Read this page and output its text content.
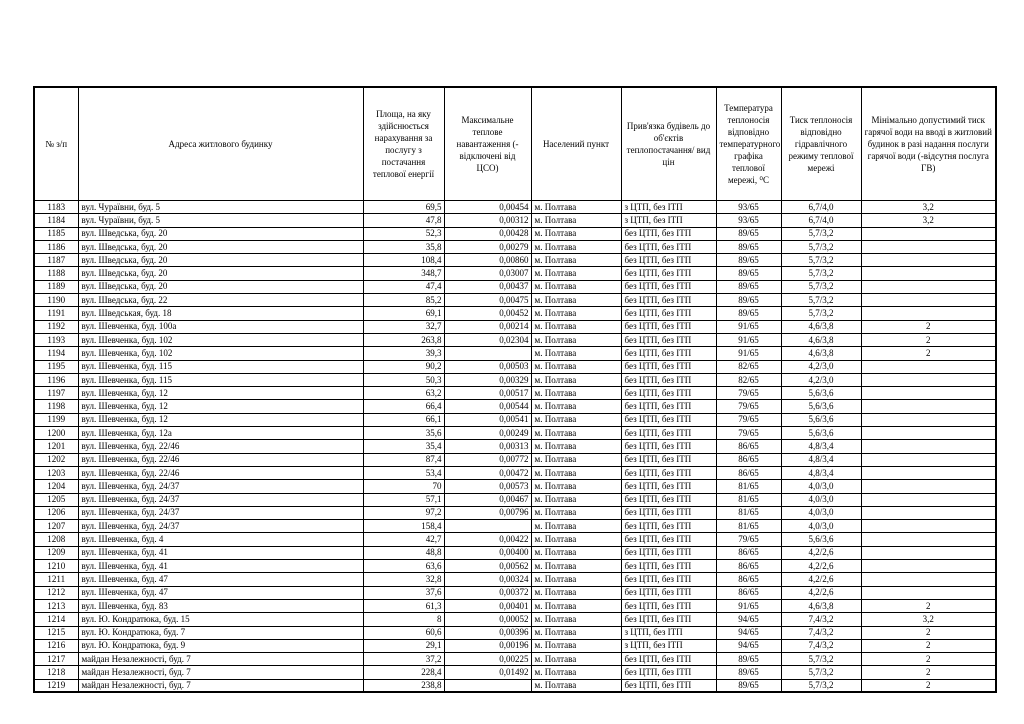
№ з/п	Адреса житлового будинку	Площа, на яку здійснюється нарахування за послугу з постачання теплової енергії	Максимальне теплове навантаження (-відключені від ЦСО)	Населений пункт	Прив'язка будівель до об'єктів теплопостачання/ вид цін	Температура теплоносія відповідно температурного графіка теплової мережі, ⁰С	Тиск теплоносія відповідно гідравлічного режиму теплової мережі	Мінімально допустимий тиск гарячої води на вводі в житловий будинок в разі надання послуги гарячої води (-відсутня послуга ГВ)
1183	вул. Чураївни, буд. 5	69,5	0,00454	м. Полтава	з ЦТП, без ІТП	93/65	6,7/4,0	3,2
1184	вул. Чураївни, буд. 5	47,8	0,00312	м. Полтава	з ЦТП, без ІТП	93/65	6,7/4,0	3,2
1185	вул. Шведська, буд. 20	52,3	0,00428	м. Полтава	без ЦТП, без ІТП	89/65	5,7/3,2	
1186	вул. Шведська, буд. 20	35,8	0,00279	м. Полтава	без ЦТП, без ІТП	89/65	5,7/3,2	
1187	вул. Шведська, буд. 20	108,4	0,00860	м. Полтава	без ЦТП, без ІТП	89/65	5,7/3,2	
1188	вул. Шведська, буд. 20	348,7	0,03007	м. Полтава	без ЦТП, без ІТП	89/65	5,7/3,2	
1189	вул. Шведська, буд. 20	47,4	0,00437	м. Полтава	без ЦТП, без ІТП	89/65	5,7/3,2	
1190	вул. Шведська, буд. 22	85,2	0,00475	м. Полтава	без ЦТП, без ІТП	89/65	5,7/3,2	
1191	вул. Шведськая, буд. 18	69,1	0,00452	м. Полтава	без ЦТП, без ІТП	89/65	5,7/3,2	
1192	вул. Шевченка, буд. 100а	32,7	0,00214	м. Полтава	без ЦТП, без ІТП	91/65	4,6/3,8	2
1193	вул. Шевченка, буд. 102	263,8	0,02304	м. Полтава	без ЦТП, без ІТП	91/65	4,6/3,8	2
1194	вул. Шевченка, буд. 102	39,3		м. Полтава	без ЦТП, без ІТП	91/65	4,6/3,8	2
1195	вул. Шевченка, буд. 115	90,2	0,00503	м. Полтава	без ЦТП, без ІТП	82/65	4,2/3,0	
1196	вул. Шевченка, буд. 115	50,3	0,00329	м. Полтава	без ЦТП, без ІТП	82/65	4,2/3,0	
1197	вул. Шевченка, буд. 12	63,2	0,00517	м. Полтава	без ЦТП, без ІТП	79/65	5,6/3,6	
1198	вул. Шевченка, буд. 12	66,4	0,00544	м. Полтава	без ЦТП, без ІТП	79/65	5,6/3,6	
1199	вул. Шевченка, буд. 12	66,1	0,00541	м. Полтава	без ЦТП, без ІТП	79/65	5,6/3,6	
1200	вул. Шевченка, буд. 12а	35,6	0,00249	м. Полтава	без ЦТП, без ІТП	79/65	5,6/3,6	
1201	вул. Шевченка, буд. 22/46	35,4	0,00313	м. Полтава	без ЦТП, без ІТП	86/65	4,8/3,4	
1202	вул. Шевченка, буд. 22/46	87,4	0,00772	м. Полтава	без ЦТП, без ІТП	86/65	4,8/3,4	
1203	вул. Шевченка, буд. 22/46	53,4	0,00472	м. Полтава	без ЦТП, без ІТП	86/65	4,8/3,4	
1204	вул. Шевченка, буд. 24/37	70	0,00573	м. Полтава	без ЦТП, без ІТП	81/65	4,0/3,0	
1205	вул. Шевченка, буд. 24/37	57,1	0,00467	м. Полтава	без ЦТП, без ІТП	81/65	4,0/3,0	
1206	вул. Шевченка, буд. 24/37	97,2	0,00796	м. Полтава	без ЦТП, без ІТП	81/65	4,0/3,0	
1207	вул. Шевченка, буд. 24/37	158,4		м. Полтава	без ЦТП, без ІТП	81/65	4,0/3,0	
1208	вул. Шевченка, буд. 4	42,7	0,00422	м. Полтава	без ЦТП, без ІТП	79/65	5,6/3,6	
1209	вул. Шевченка, буд. 41	48,8	0,00400	м. Полтава	без ЦТП, без ІТП	86/65	4,2/2,6	
1210	вул. Шевченка, буд. 41	63,6	0,00562	м. Полтава	без ЦТП, без ІТП	86/65	4,2/2,6	
1211	вул. Шевченка, буд. 47	32,8	0,00324	м. Полтава	без ЦТП, без ІТП	86/65	4,2/2,6	
1212	вул. Шевченка, буд. 47	37,6	0,00372	м. Полтава	без ЦТП, без ІТП	86/65	4,2/2,6	
1213	вул. Шевченка, буд. 83	61,3	0,00401	м. Полтава	без ЦТП, без ІТП	91/65	4,6/3,8	2
1214	вул. Ю. Кондратюка, буд. 15	8	0,00052	м. Полтава	без ЦТП, без ІТП	94/65	7,4/3,2	3,2
1215	вул. Ю. Кондратюка, буд. 7	60,6	0,00396	м. Полтава	з ЦТП, без ІТП	94/65	7,4/3,2	2
1216	вул. Ю. Кондратюка, буд. 9	29,1	0,00196	м. Полтава	з ЦТП, без ІТП	94/65	7,4/3,2	2
1217	майдан Незалежності, буд. 7	37,2	0,00225	м. Полтава	без ЦТП, без ІТП	89/65	5,7/3,2	2
1218	майдан Незалежності, буд. 7	228,4	0,01492	м. Полтава	без ЦТП, без ІТП	89/65	5,7/3,2	2
1219	майдан Незалежності, буд. 7	238,8		м. Полтава	без ЦТП, без ІТП	89/65	5,7/3,2	2
